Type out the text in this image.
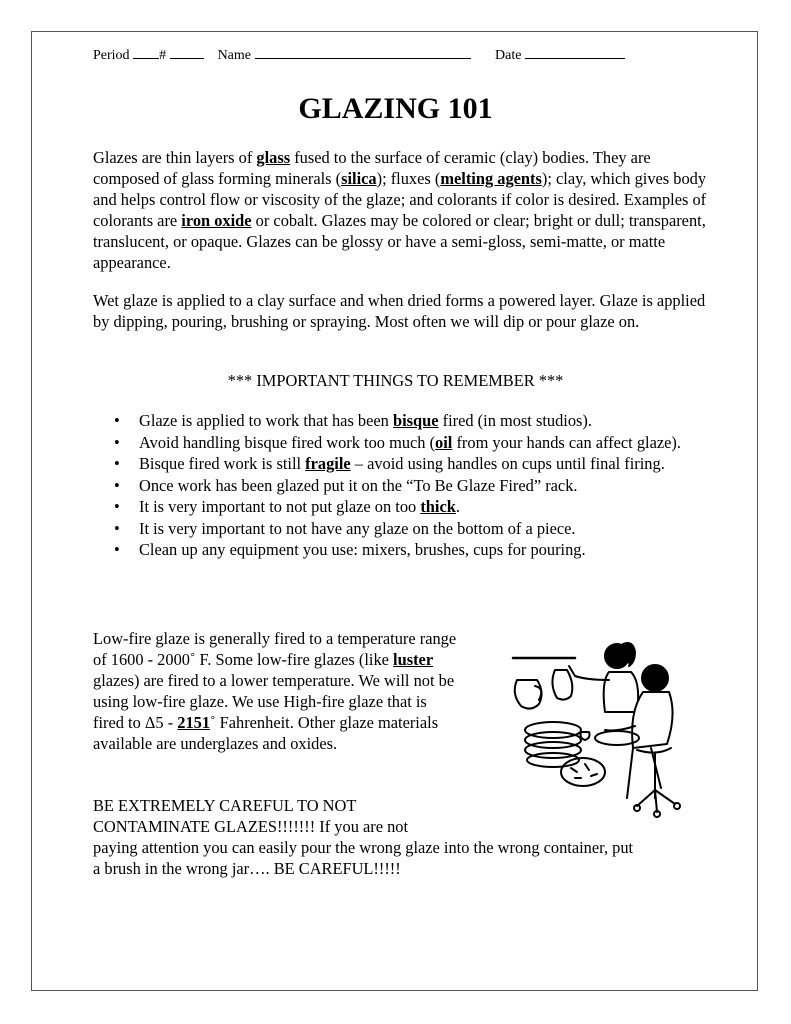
Period #	Name	Date
GLAZING 101
Glazes are thin layers of glass fused to the surface of ceramic (clay) bodies. They are composed of glass forming minerals (silica); fluxes (melting agents); clay, which gives body and helps control flow or viscosity of the glaze; and colorants if color is desired. Examples of colorants are iron oxide or cobalt. Glazes may be colored or clear; bright or dull; transparent, translucent, or opaque. Glazes can be glossy or have a semi-gloss, semi-matte, or matte appearance.
Wet glaze is applied to a clay surface and when dried forms a powered layer. Glaze is applied by dipping, pouring, brushing or spraying. Most often we will dip or pour glaze on.
*** IMPORTANT THINGS TO REMEMBER ***
• Glaze is applied to work that has been bisque fired (in most studios).
• Avoid handling bisque fired work too much (oil from your hands can affect glaze).
• Bisque fired work is still fragile – avoid using handles on cups until final firing.
• Once work has been glazed put it on the “To Be Glaze Fired” rack.
• It is very important to not put glaze on too thick.
• It is very important to not have any glaze on the bottom of a piece.
• Clean up any equipment you use: mixers, brushes, cups for pouring.
Low-fire glaze is generally fired to a temperature range
of 1600 - 2000˚ F. Some low-fire glazes (like luster
glazes) are fired to a lower temperature. We will not be
using low-fire glaze. We use High-fire glaze that is
fired to Δ5 - 2151˚ Fahrenheit. Other glaze materials
available are underglazes and oxides.
BE EXTREMELY CAREFUL TO NOT
CONTAMINATE GLAZES!!!!!!! If you are not
paying attention you can easily pour the wrong glaze into the wrong container, put
a brush in the wrong jar…. BE CAREFUL!!!!!
